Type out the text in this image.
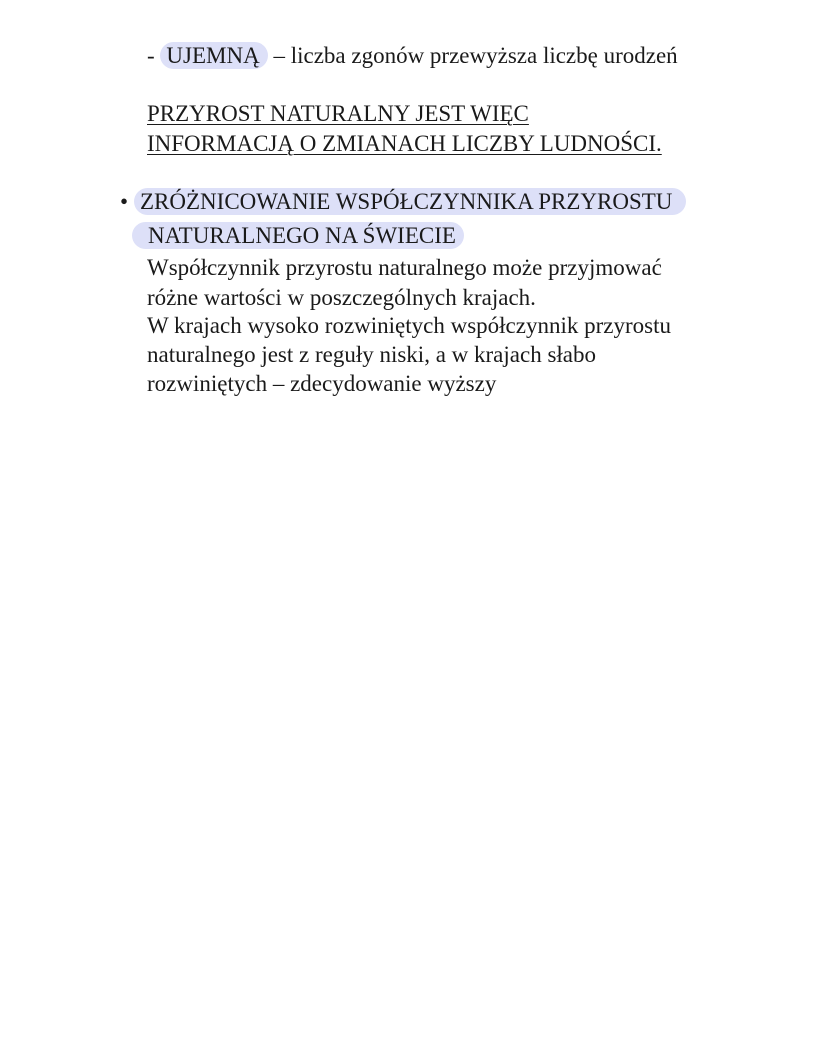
- UJEMNĄ – liczba zgonów przewyższa liczbę urodzeń
PRZYROST NATURALNY JEST WIĘC
INFORMACJĄ O ZMIANACH LICZBY LUDNOŚCI.
• ZRÓŻNICOWANIE WSPÓŁCZYNNIKA PRZYROSTU
NATURALNEGO NA ŚWIECIE
Współczynnik przyrostu naturalnego może przyjmować
różne wartości w poszczególnych krajach.
W krajach wysoko rozwiniętych współczynnik przyrostu
naturalnego jest z reguły niski, a w krajach słabo
rozwiniętych – zdecydowanie wyższy
